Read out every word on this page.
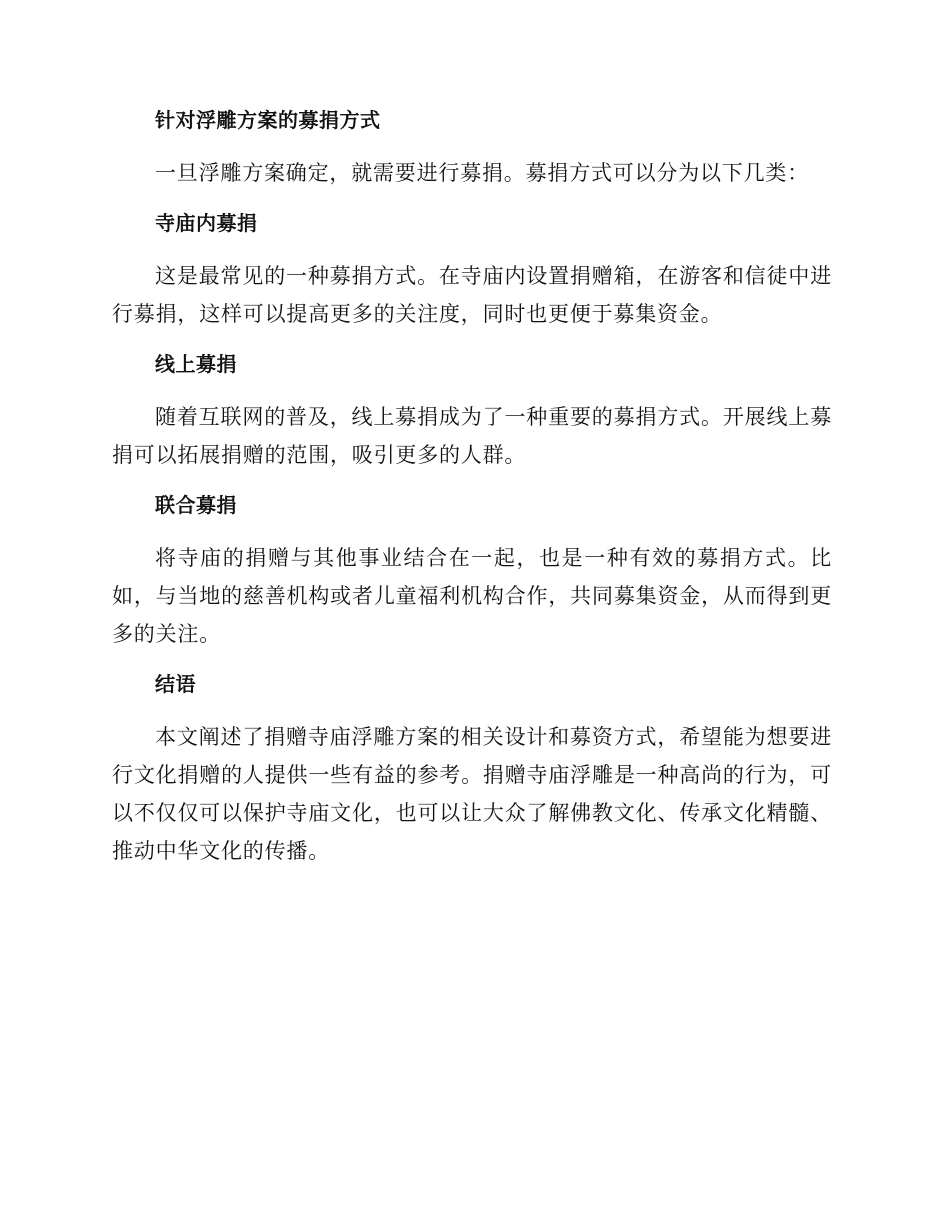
针对浮雕方案的募捐方式

一旦浮雕方案确定，就需要进行募捐。募捐方式可以分为以下几类：

寺庙内募捐

这是最常见的一种募捐方式。在寺庙内设置捐赠箱，在游客和信徒中进行募捐，这样可以提高更多的关注度，同时也更便于募集资金。

线上募捐

随着互联网的普及，线上募捐成为了一种重要的募捐方式。开展线上募捐可以拓展捐赠的范围，吸引更多的人群。

联合募捐

将寺庙的捐赠与其他事业结合在一起，也是一种有效的募捐方式。比如，与当地的慈善机构或者儿童福利机构合作，共同募集资金，从而得到更多的关注。

结语

本文阐述了捐赠寺庙浮雕方案的相关设计和募资方式，希望能为想要进行文化捐赠的人提供一些有益的参考。捐赠寺庙浮雕是一种高尚的行为，可以不仅仅可以保护寺庙文化，也可以让大众了解佛教文化、传承文化精髓、推动中华文化的传播。
